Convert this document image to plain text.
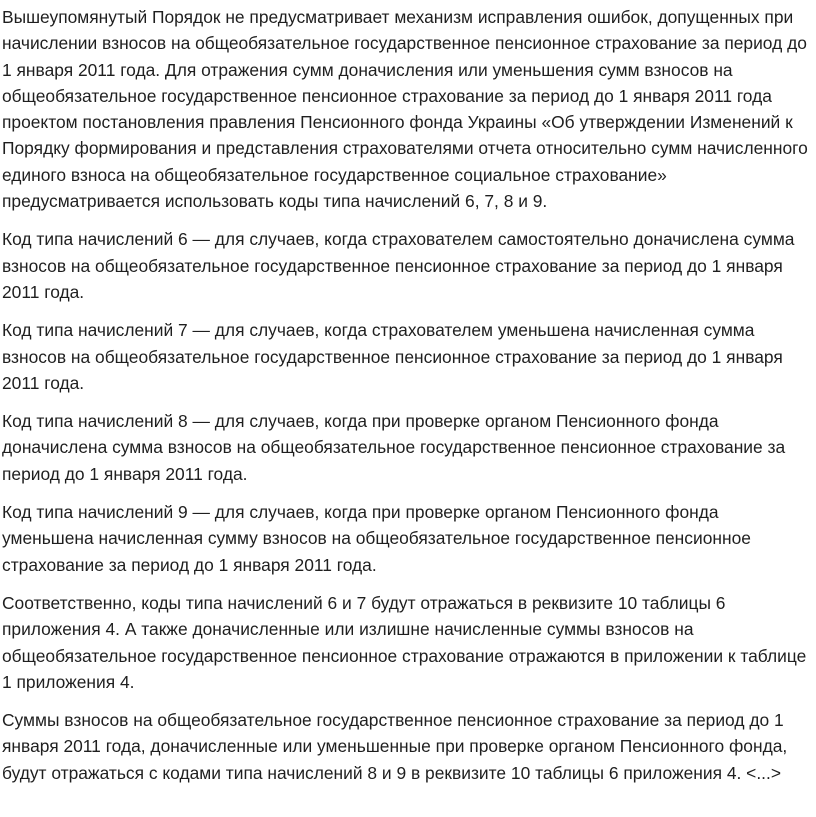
Вышеупомянутый Порядок не предусматривает механизм исправления ошибок, допущенных при
начислении взносов на общеобязательное государственное пенсионное страхование за период до
1 января 2011 года. Для отражения сумм доначисления или уменьшения сумм взносов на
общеобязательное государственное пенсионное страхование за период до 1 января 2011 года
проектом постановления правления Пенсионного фонда Украины «Об утверждении Изменений к
Порядку формирования и представления страхователями отчета относительно сумм начисленного
единого взноса на общеобязательное государственное социальное страхование»
предусматривается использовать коды типа начислений 6, 7, 8 и 9.

Код типа начислений 6 — для случаев, когда страхователем самостоятельно доначислена сумма
взносов на общеобязательное государственное пенсионное страхование за период до 1 января
2011 года.

Код типа начислений 7 — для случаев, когда страхователем уменьшена начисленная сумма
взносов на общеобязательное государственное пенсионное страхование за период до 1 января
2011 года.

Код типа начислений 8 — для случаев, когда при проверке органом Пенсионного фонда
доначислена сумма взносов на общеобязательное государственное пенсионное страхование за
период до 1 января 2011 года.

Код типа начислений 9 — для случаев, когда при проверке органом Пенсионного фонда
уменьшена начисленная сумму взносов на общеобязательное государственное пенсионное
страхование за период до 1 января 2011 года.

Соответственно, коды типа начислений 6 и 7 будут отражаться в реквизите 10 таблицы 6
приложения 4. А также доначисленные или излишне начисленные суммы взносов на
общеобязательное государственное пенсионное страхование отражаются в приложении к таблице
1 приложения 4.

Суммы взносов на общеобязательное государственное пенсионное страхование за период до 1
января 2011 года, доначисленные или уменьшенные при проверке органом Пенсионного фонда,
будут отражаться с кодами типа начислений 8 и 9 в реквизите 10 таблицы 6 приложения 4. <...>
